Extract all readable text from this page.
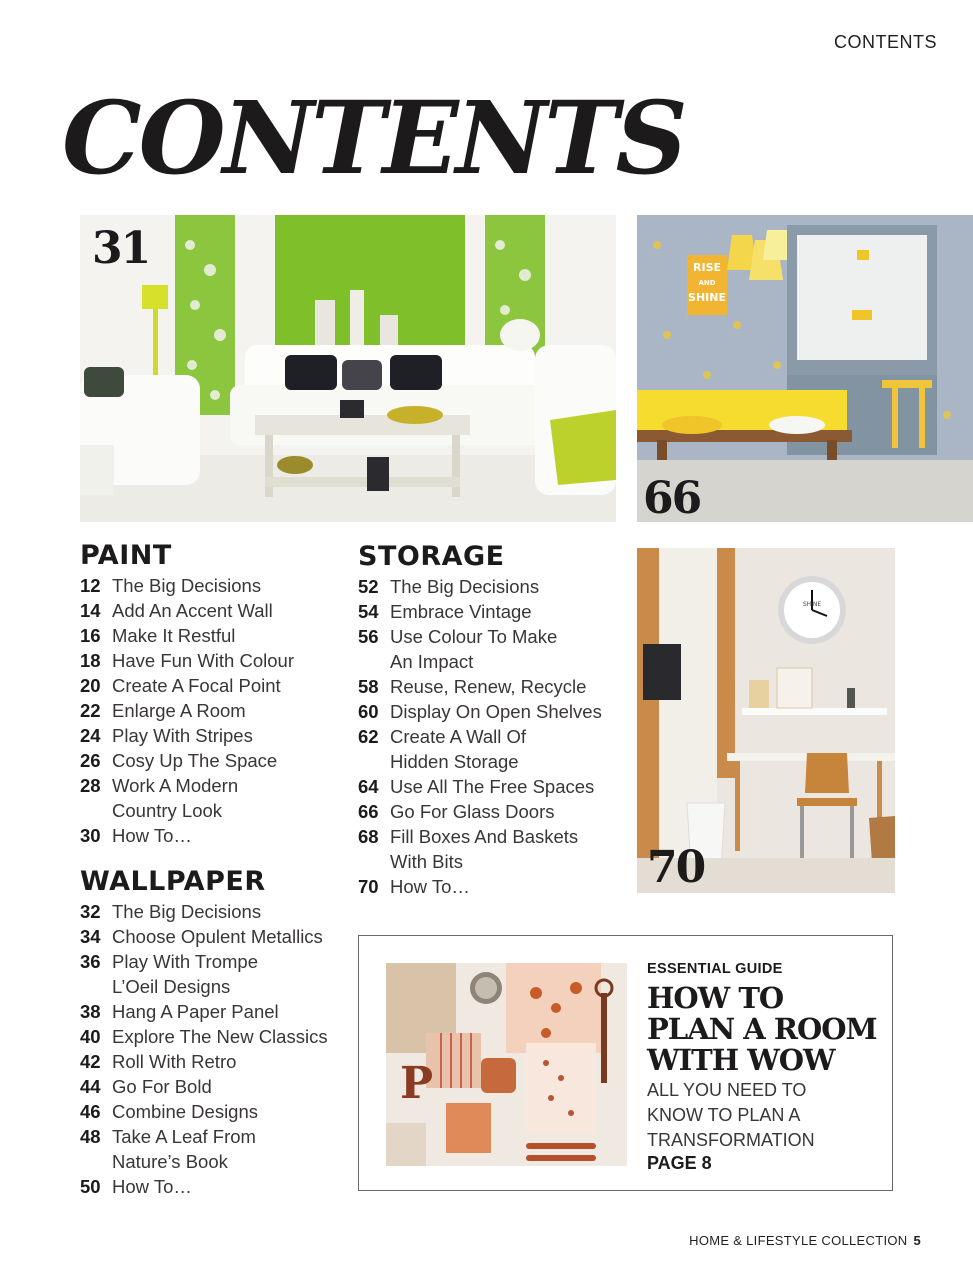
CONTENTS
CONTENTS
31	RISE
AND
SHINE
66
SHINE
70
PAINT
12 The Big Decisions
14 Add An Accent Wall
16 Make It Restful
18 Have Fun With Colour
20 Create A Focal Point
22 Enlarge A Room
24 Play With Stripes
26 Cosy Up The Space
28 Work A Modern
Country Look
30 How To…
WALLPAPER
32 The Big Decisions
34 Choose Opulent Metallics
36 Play With Trompe
L’Oeil Designs
38 Hang A Paper Panel
40 Explore The New Classics
42 Roll With Retro
44 Go For Bold
46 Combine Designs
48 Take A Leaf From
Nature’s Book
50 How To…
STORAGE
52 The Big Decisions
54 Embrace Vintage
56 Use Colour To Make
An Impact
58 Reuse, Renew, Recycle
60 Display On Open Shelves
62 Create A Wall Of
Hidden Storage
64 Use All The Free Spaces
66 Go For Glass Doors
68 Fill Boxes And Baskets
With Bits
70 How To…
P
ESSENTIAL GUIDE
HOW TO
PLAN A ROOM
WITH WOW
ALL YOU NEED TO
KNOW TO PLAN A
TRANSFORMATION
PAGE 8
HOME & LIFESTYLE COLLECTION 5
